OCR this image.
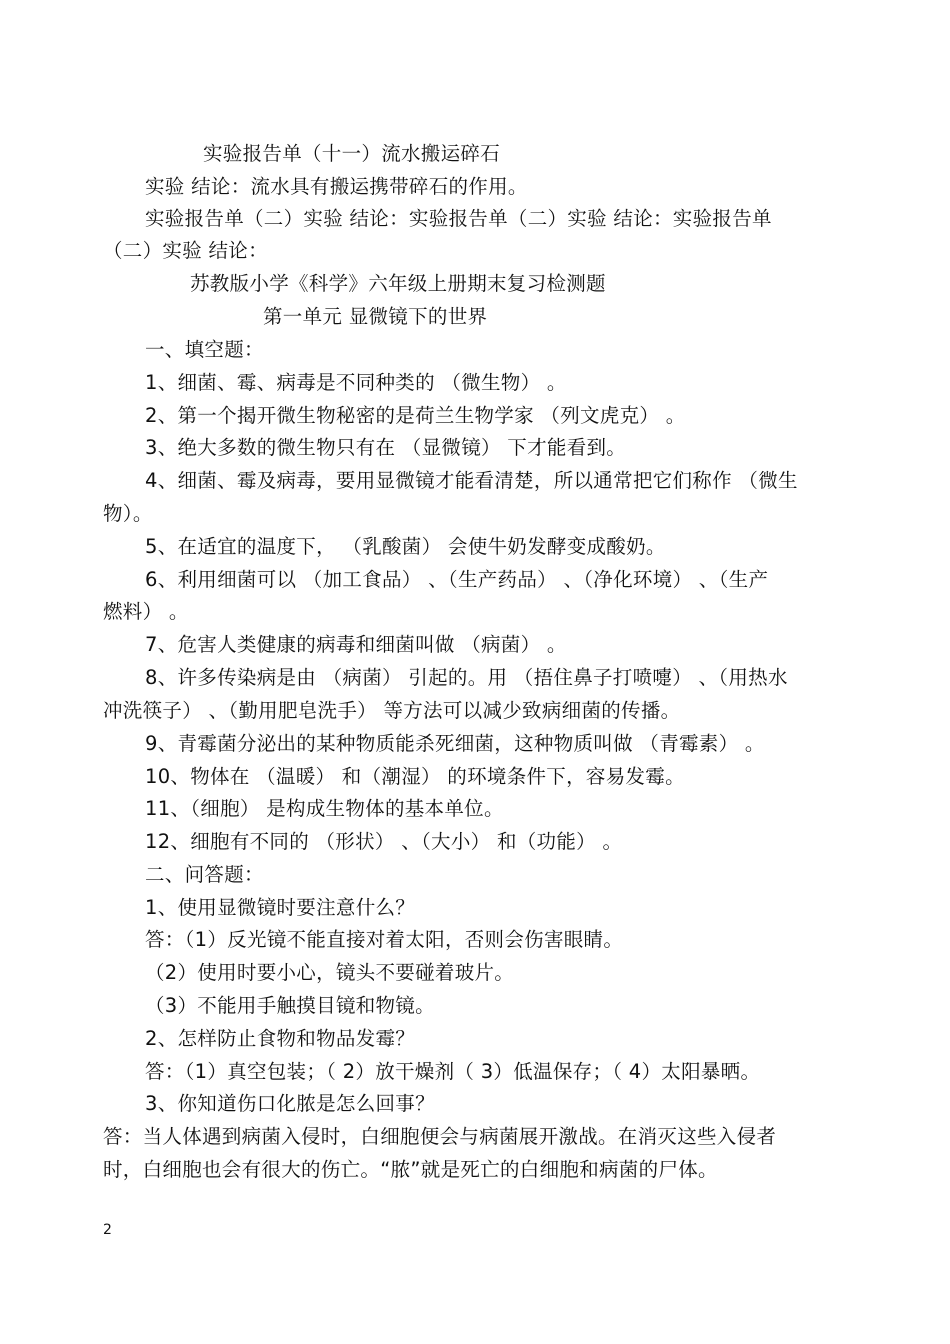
实验报告单（十一）流水搬运碎石

实验 结论：流水具有搬运携带碎石的作用。

实验报告单（二）实验 结论：实验报告单（二）实验 结论：实验报告单

（二）实验 结论：

苏教版小学《科学》六年级上册期末复习检测题

第一单元 显微镜下的世界

一、填空题：

1、细菌、霉、病毒是不同种类的 （微生物） 。

2、第一个揭开微生物秘密的是荷兰生物学家 （列文虎克） 。

3、绝大多数的微生物只有在 （显微镜） 下才能看到。

4、细菌、霉及病毒，要用显微镜才能看清楚，所以通常把它们称作 （微生

物）。

5、在适宜的温度下， （乳酸菌） 会使牛奶发酵变成酸奶。

6、利用细菌可以 （加工食品） 、（生产药品） 、（净化环境） 、（生产

燃料） 。

7、危害人类健康的病毒和细菌叫做 （病菌） 。

8、许多传染病是由 （病菌） 引起的。用 （捂住鼻子打喷嚏） 、（用热水

冲洗筷子） 、（勤用肥皂洗手） 等方法可以减少致病细菌的传播。

9、青霉菌分泌出的某种物质能杀死细菌，这种物质叫做 （青霉素） 。

10、物体在 （温暖） 和（潮湿） 的环境条件下，容易发霉。

11、（细胞） 是构成生物体的基本单位。

12、细胞有不同的 （形状） 、（大小） 和（功能） 。

二、问答题：

1、使用显微镜时要注意什么？

答：（1）反光镜不能直接对着太阳，否则会伤害眼睛。

（2）使用时要小心，镜头不要碰着玻片。

（3）不能用手触摸目镜和物镜。

2、怎样防止食物和物品发霉？

答：（1）真空包装；（ 2）放干燥剂（ 3）低温保存；（ 4）太阳暴晒。

3、你知道伤口化脓是怎么回事？

答：当人体遇到病菌入侵时，白细胞便会与病菌展开激战。在消灭这些入侵者

时，白细胞也会有很大的伤亡。“脓”就是死亡的白细胞和病菌的尸体。

2
